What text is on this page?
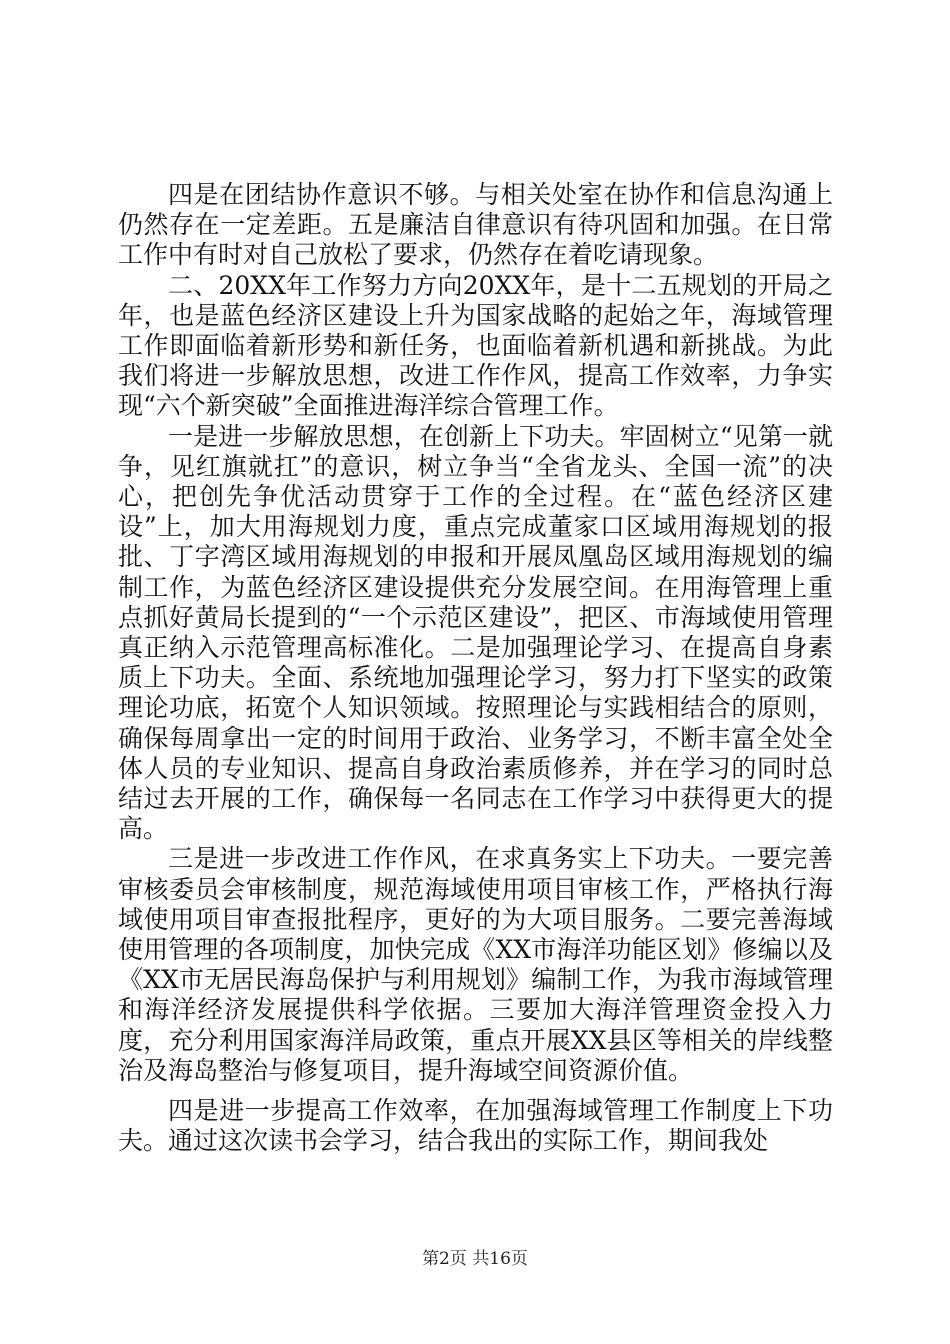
四是在团结协作意识不够。与相关处室在协作和信息沟通上仍然存在一定差距。五是廉洁自律意识有待巩固和加强。在日常工作中有时对自己放松了要求，仍然存在着吃请现象。

二、20XX年工作努力方向20XX年，是十二五规划的开局之年，也是蓝色经济区建设上升为国家战略的起始之年，海域管理工作即面临着新形势和新任务，也面临着新机遇和新挑战。为此我们将进一步解放思想，改进工作作风，提高工作效率，力争实现“六个新突破”全面推进海洋综合管理工作。

一是进一步解放思想，在创新上下功夫。牢固树立“见第一就争，见红旗就扛”的意识，树立争当“全省龙头、全国一流”的决心，把创先争优活动贯穿于工作的全过程。在“蓝色经济区建设”上，加大用海规划力度，重点完成董家口区域用海规划的报批、丁字湾区域用海规划的申报和开展凤凰岛区域用海规划的编制工作，为蓝色经济区建设提供充分发展空间。在用海管理上重点抓好黄局长提到的“一个示范区建设”，把区、市海域使用管理真正纳入示范管理高标准化。二是加强理论学习、在提高自身素质上下功夫。全面、系统地加强理论学习，努力打下坚实的政策理论功底，拓宽个人知识领域。按照理论与实践相结合的原则，确保每周拿出一定的时间用于政治、业务学习，不断丰富全处全体人员的专业知识、提高自身政治素质修养，并在学习的同时总结过去开展的工作，确保每一名同志在工作学习中获得更大的提高。

三是进一步改进工作作风，在求真务实上下功夫。一要完善审核委员会审核制度，规范海域使用项目审核工作，严格执行海域使用项目审查报批程序，更好的为大项目服务。二要完善海域使用管理的各项制度，加快完成《XX市海洋功能区划》修编以及《XX市无居民海岛保护与利用规划》编制工作，为我市海域管理和海洋经济发展提供科学依据。三要加大海洋管理资金投入力度，充分利用国家海洋局政策，重点开展XX县区等相关的岸线整治及海岛整治与修复项目，提升海域空间资源价值。

四是进一步提高工作效率，在加强海域管理工作制度上下功夫。通过这次读书会学习，结合我出的实际工作，期间我处

第2页 共16页
